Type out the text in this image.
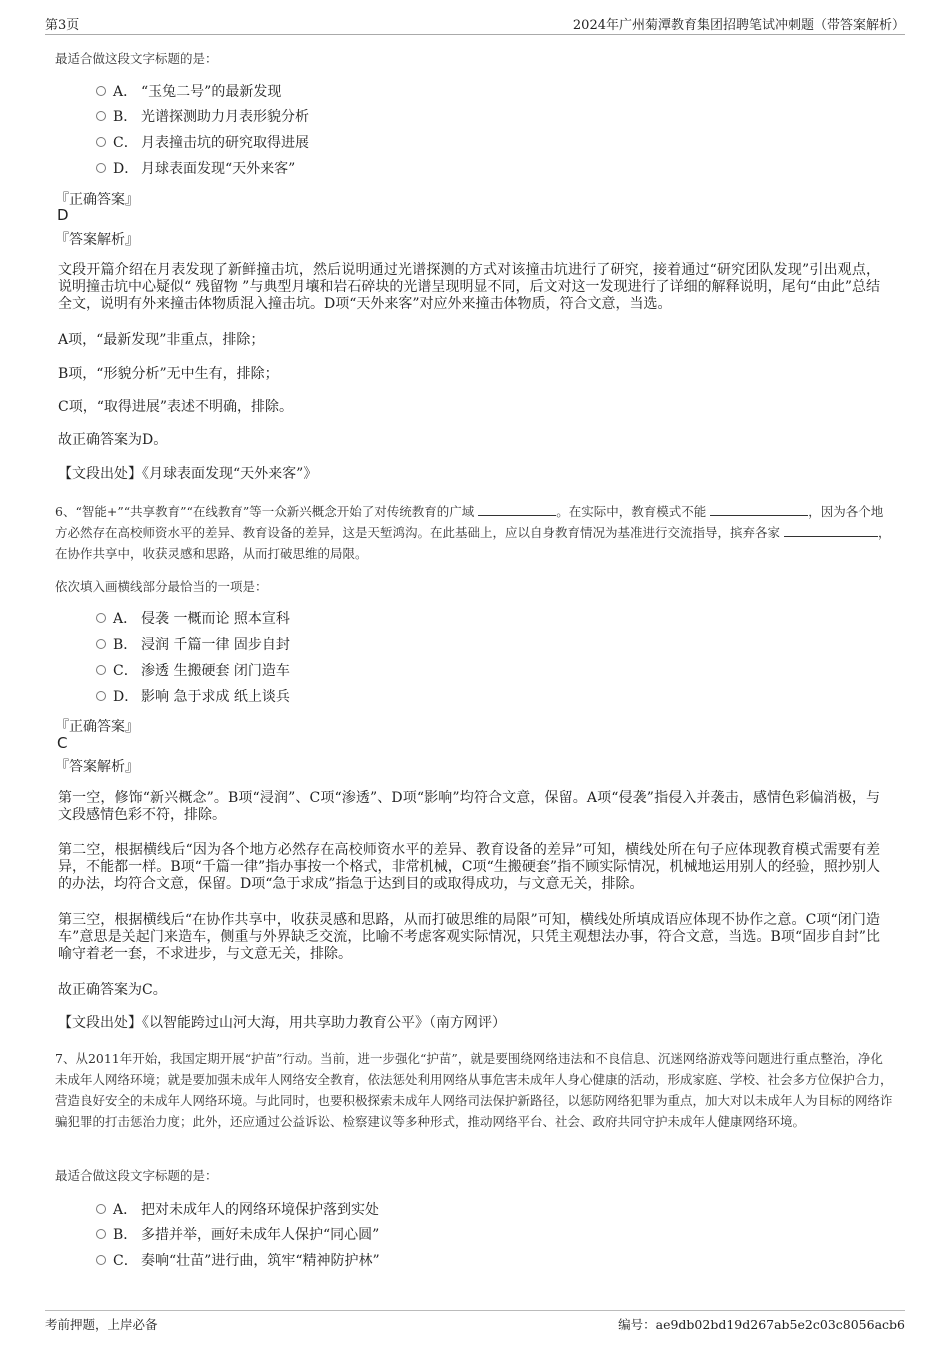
第3页	2024年广州菊潭教育集团招聘笔试冲刺题（带答案解析）
最适合做这段文字标题的是：
A． “玉兔二号”的最新发现
B． 光谱探测助力月表形貌分析
C． 月表撞击坑的研究取得进展
D． 月球表面发现“天外来客”
『正确答案』
D
『答案解析』
文段开篇介绍在月表发现了新鲜撞击坑，然后说明通过光谱探测的方式对该撞击坑进行了研究，接着通过“研究团队发现”引出观点，说明撞击坑中心疑似“ 残留物 ”与典型月壤和岩石碎块的光谱呈现明显不同，后文对这一发现进行了详细的解释说明，尾句“由此”总结全文，说明有外来撞击体物质混入撞击坑。D项“天外来客”对应外来撞击体物质，符合文意，当选。
A项，“最新发现”非重点，排除；
B项，“形貌分析”无中生有，排除；
C项，“取得进展”表述不明确，排除。
故正确答案为D。
【文段出处】《月球表面发现“天外来客”》
6、“智能+”“共享教育”“在线教育”等一众新兴概念开始了对传统教育的广域	。在实际中，教育模式不能	，因为各个地方必然存在高校师资水平的差异、教育设备的差异，这是天堑鸿沟。在此基础上，应以自身教育情况为基准进行交流指导，摈弃各家	，在协作共享中，收获灵感和思路，从而打破思维的局限。
依次填入画横线部分最恰当的一项是：
A． 侵袭 一概而论 照本宣科
B． 浸润 千篇一律 固步自封
C． 渗透 生搬硬套 闭门造车
D． 影响 急于求成 纸上谈兵
『正确答案』
C
『答案解析』
第一空，修饰“新兴概念”。B项“浸润”、C项“渗透”、D项“影响”均符合文意，保留。A项“侵袭”指侵入并袭击，感情色彩偏消极，与文段感情色彩不符，排除。
第二空，根据横线后“因为各个地方必然存在高校师资水平的差异、教育设备的差异”可知，横线处所在句子应体现教育模式需要有差异，不能都一样。B项“千篇一律”指办事按一个格式，非常机械，C项“生搬硬套”指不顾实际情况，机械地运用别人的经验，照抄别人的办法，均符合文意，保留。D项“急于求成”指急于达到目的或取得成功，与文意无关，排除。
第三空，根据横线后“在协作共享中，收获灵感和思路，从而打破思维的局限”可知，横线处所填成语应体现不协作之意。C项“闭门造车”意思是关起门来造车，侧重与外界缺乏交流，比喻不考虑客观实际情况，只凭主观想法办事，符合文意，当选。B项“固步自封”比喻守着老一套，不求进步，与文意无关，排除。
故正确答案为C。
【文段出处】《以智能跨过山河大海，用共享助力教育公平》（南方网评）
7、从2011年开始，我国定期开展“护苗”行动。当前，进一步强化“护苗”，就是要围绕网络违法和不良信息、沉迷网络游戏等问题进行重点整治，净化未成年人网络环境；就是要加强未成年人网络安全教育，依法惩处利用网络从事危害未成年人身心健康的活动，形成家庭、学校、社会多方位保护合力，营造良好安全的未成年人网络环境。与此同时，也要积极探索未成年人网络司法保护新路径，以惩防网络犯罪为重点，加大对以未成年人为目标的网络诈骗犯罪的打击惩治力度；此外，还应通过公益诉讼、检察建议等多种形式，推动网络平台、社会、政府共同守护未成年人健康网络环境。
最适合做这段文字标题的是：
A． 把对未成年人的网络环境保护落到实处
B． 多措并举，画好未成年人保护“同心圆”
C． 奏响“壮苗”进行曲，筑牢“精神防护林”
考前押题，上岸必备	编号：ae9db02bd19d267ab5e2c03c8056acb6
